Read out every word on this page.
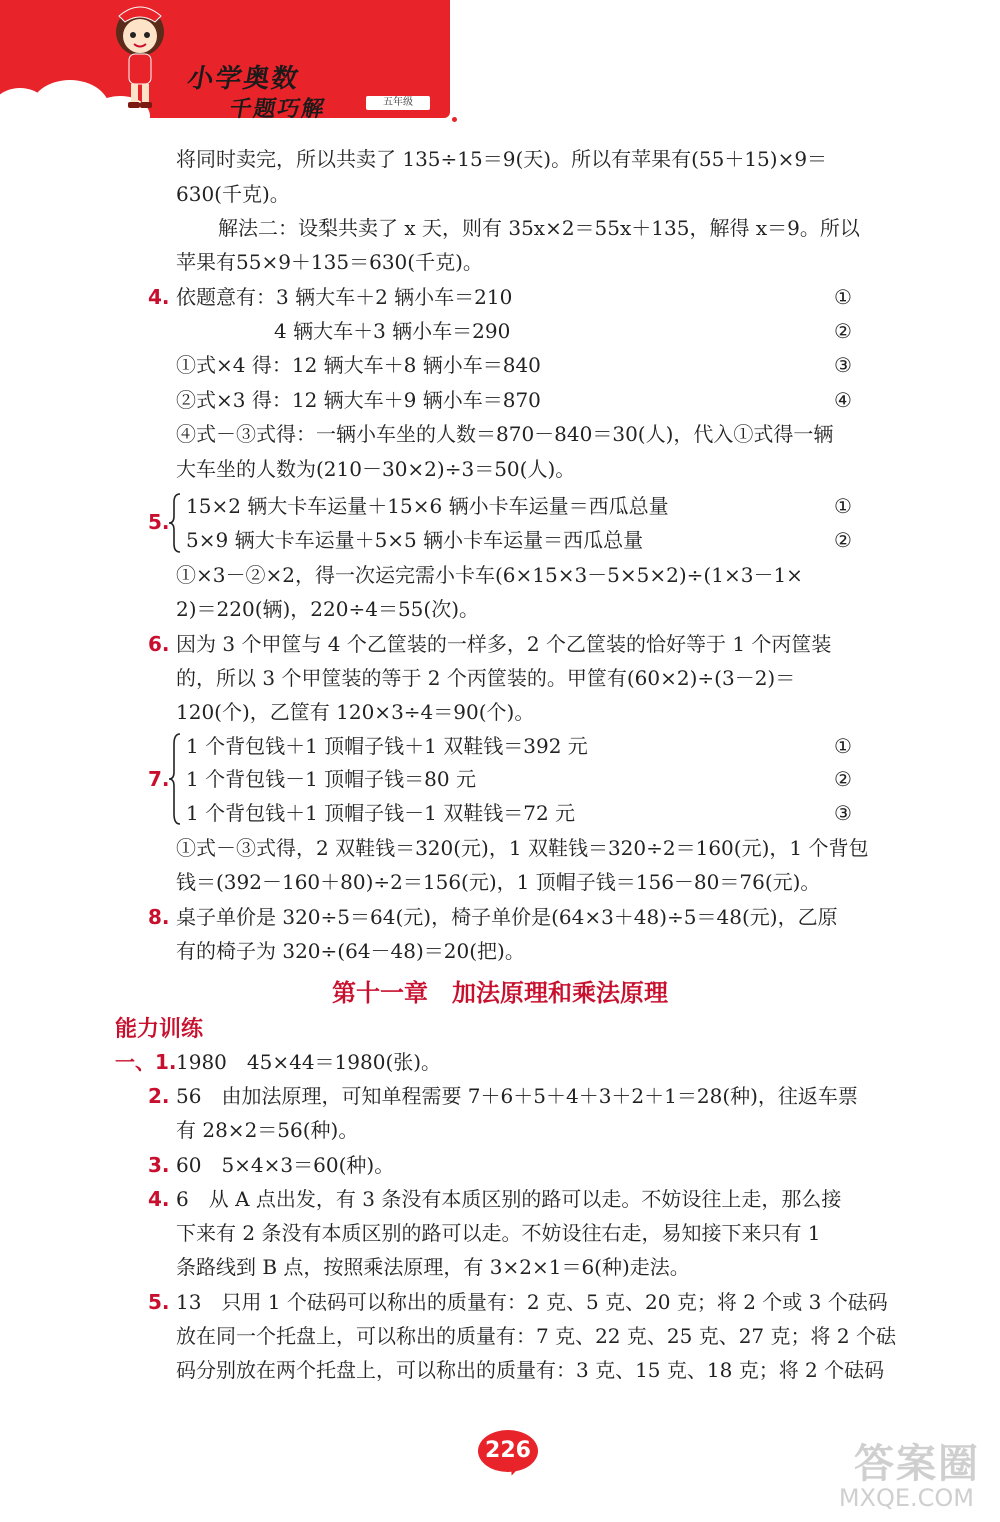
小学奥数
千题巧解	五年级
将同时卖完，所以共卖了 135÷15＝9(天)。所以有苹果有(55＋15)×9＝
630(千克)。
解法二：设梨共卖了 x 天，则有 35x×2＝55x＋135，解得 x＝9。所以
苹果有55×9＋135＝630(千克)。
4. 依题意有：3 辆大车＋2 辆小车＝210
4 辆大车＋3 辆小车＝290
①式×4 得：12 辆大车＋8 辆小车＝840
②式×3 得：12 辆大车＋9 辆小车＝870
④式－③式得：一辆小车坐的人数＝870－840＝30(人)，代入①式得一辆
大车坐的人数为(210－30×2)÷3＝50(人)。
①
②
③
④
5.
15×2 辆大卡车运量＋15×6 辆小卡车运量＝西瓜总量
5×9 辆大卡车运量＋5×5 辆小卡车运量＝西瓜总量
①
②
①×3－②×2，得一次运完需小卡车(6×15×3－5×5×2)÷(1×3－1×
2)＝220(辆)，220÷4＝55(次)。
6. 因为 3 个甲筐与 4 个乙筐装的一样多，2 个乙筐装的恰好等于 1 个丙筐装
的，所以 3 个甲筐装的等于 2 个丙筐装的。甲筐有(60×2)÷(3－2)＝
120(个)，乙筐有 120×3÷4＝90(个)。
7.
1 个背包钱＋1 顶帽子钱＋1 双鞋钱＝392 元
1 个背包钱－1 顶帽子钱＝80 元
1 个背包钱＋1 顶帽子钱－1 双鞋钱＝72 元
①
②
③
①式－③式得，2 双鞋钱＝320(元)，1 双鞋钱＝320÷2＝160(元)，1 个背包
钱＝(392－160＋80)÷2＝156(元)，1 顶帽子钱＝156－80＝76(元)。
8. 桌子单价是 320÷5＝64(元)，椅子单价是(64×3＋48)÷5＝48(元)，乙原
有的椅子为 320÷(64－48)＝20(把)。
第十一章　加法原理和乘法原理
能力训练
一、1. 1980　45×44＝1980(张)。
2. 56　由加法原理，可知单程需要 7＋6＋5＋4＋3＋2＋1＝28(种)，往返车票
有 28×2＝56(种)。
3. 60　5×4×3＝60(种)。
4. 6　从 A 点出发，有 3 条没有本质区别的路可以走。不妨设往上走，那么接
下来有 2 条没有本质区别的路可以走。不妨设往右走，易知接下来只有 1
条路线到 B 点，按照乘法原理，有 3×2×1＝6(种)走法。
5. 13　只用 1 个砝码可以称出的质量有：2 克、5 克、20 克；将 2 个或 3 个砝码
放在同一个托盘上，可以称出的质量有：7 克、22 克、25 克、27 克；将 2 个砝
码分别放在两个托盘上，可以称出的质量有：3 克、15 克、18 克；将 2 个砝码
226	答案圈
MXQE.COM
